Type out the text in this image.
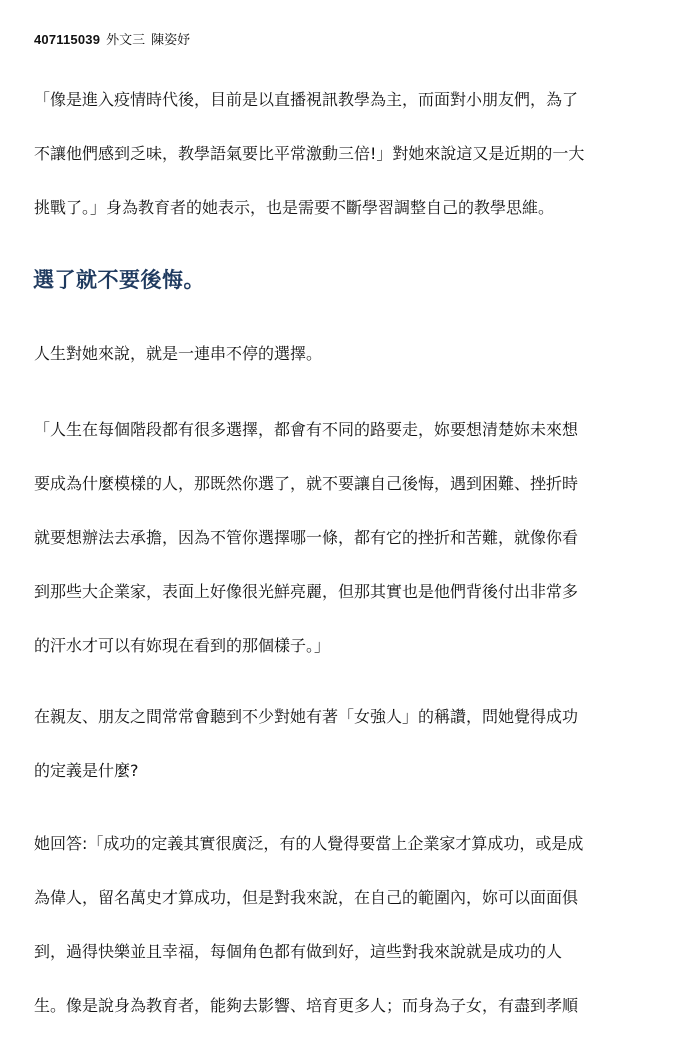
407115039 外文三 陳姿妤
「像是進入疫情時代後，目前是以直播視訊教學為主，而面對小朋友們，為了
不讓他們感到乏味，教學語氣要比平常激動三倍!」對她來說這又是近期的一大
挑戰了。」身為教育者的她表示，也是需要不斷學習調整自己的教學思維。
選了就不要後悔。
人生對她來說，就是一連串不停的選擇。
「人生在每個階段都有很多選擇，都會有不同的路要走，妳要想清楚妳未來想
要成為什麼模樣的人，那既然你選了，就不要讓自己後悔，遇到困難、挫折時
就要想辦法去承擔，因為不管你選擇哪一條，都有它的挫折和苦難，就像你看
到那些大企業家，表面上好像很光鮮亮麗，但那其實也是他們背後付出非常多
的汗水才可以有妳現在看到的那個樣子。」
在親友、朋友之間常常會聽到不少對她有著「女強人」的稱讚，問她覺得成功
的定義是什麼?
她回答:「成功的定義其實很廣泛，有的人覺得要當上企業家才算成功，或是成
為偉人，留名萬史才算成功，但是對我來說，在自己的範圍內，妳可以面面俱
到，過得快樂並且幸福，每個角色都有做到好，這些對我來說就是成功的人
生。像是說身為教育者，能夠去影響、培育更多人；而身為子女，有盡到孝順
